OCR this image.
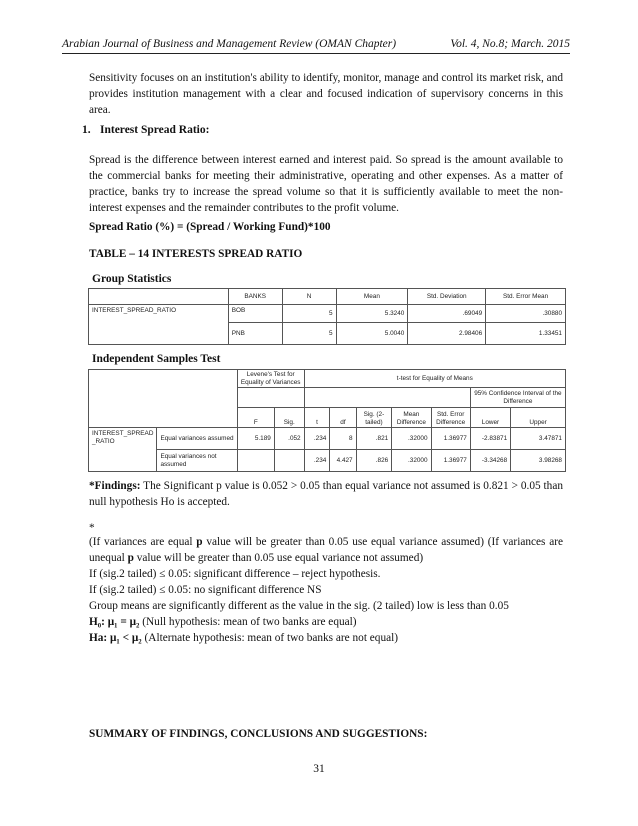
Arabian Journal of Business and Management Review (OMAN Chapter)	Vol. 4, No.8; March. 2015

Sensitivity focuses on an institution's ability to identify, monitor, manage and control its market risk, and provides institution management with a clear and focused indication of supervisory concerns in this area.

1. Interest Spread Ratio:

Spread is the difference between interest earned and interest paid. So spread is the amount available to the commercial banks for meeting their administrative, operating and other expenses. As a matter of practice, banks try to increase the spread volume so that it is sufficiently available to meet the non-interest expenses and the remainder contributes to the profit volume.

Spread Ratio (%) = (Spread / Working Fund)*100

TABLE – 14 INTERESTS SPREAD RATIO

Group Statistics
	BANKS	N	Mean	Std. Deviation	Std. Error Mean
INTEREST_SPREAD_RATIO	BOB	5	5.3240	.69049	.30880
	PNB	5	5.0040	2.98406	1.33451
Independent Samples Test
		Levene's Test for Equality of Variances		t-test for Equality of Means						
									95% Confidence Interval of the Difference	
		F	Sig.	t	df	Sig. (2-tailed)	Mean Difference	Std. Error Difference	Lower	Upper
INTEREST_SPREAD _RATIO	Equal variances assumed	5.189	.052	.234	8	.821	.32000	1.36977	-2.83871	3.47871
	Equal variances not assumed			.234	4.427	.826	.32000	1.36977	-3.34268	3.98268

*Findings: The Significant p value is 0.052 > 0.05 than equal variance not assumed is 0.821 > 0.05 than null hypothesis Ho is accepted.

*

(If variances are equal p value will be greater than 0.05 use equal variance assumed) (If variances are unequal p value will be greater than 0.05 use equal variance not assumed)
If (sig.2 tailed) ≤ 0.05: significant difference – reject hypothesis.
If (sig.2 tailed) ≤ 0.05: no significant difference NS
Group means are significantly different as the value in the sig. (2 tailed) low is less than 0.05
H₀: μ₁ = μ₂ (Null hypothesis: mean of two banks are equal)
Ha: μ₁ < μ₂ (Alternate hypothesis: mean of two banks are not equal)

SUMMARY OF FINDINGS, CONCLUSIONS AND SUGGESTIONS:

31
